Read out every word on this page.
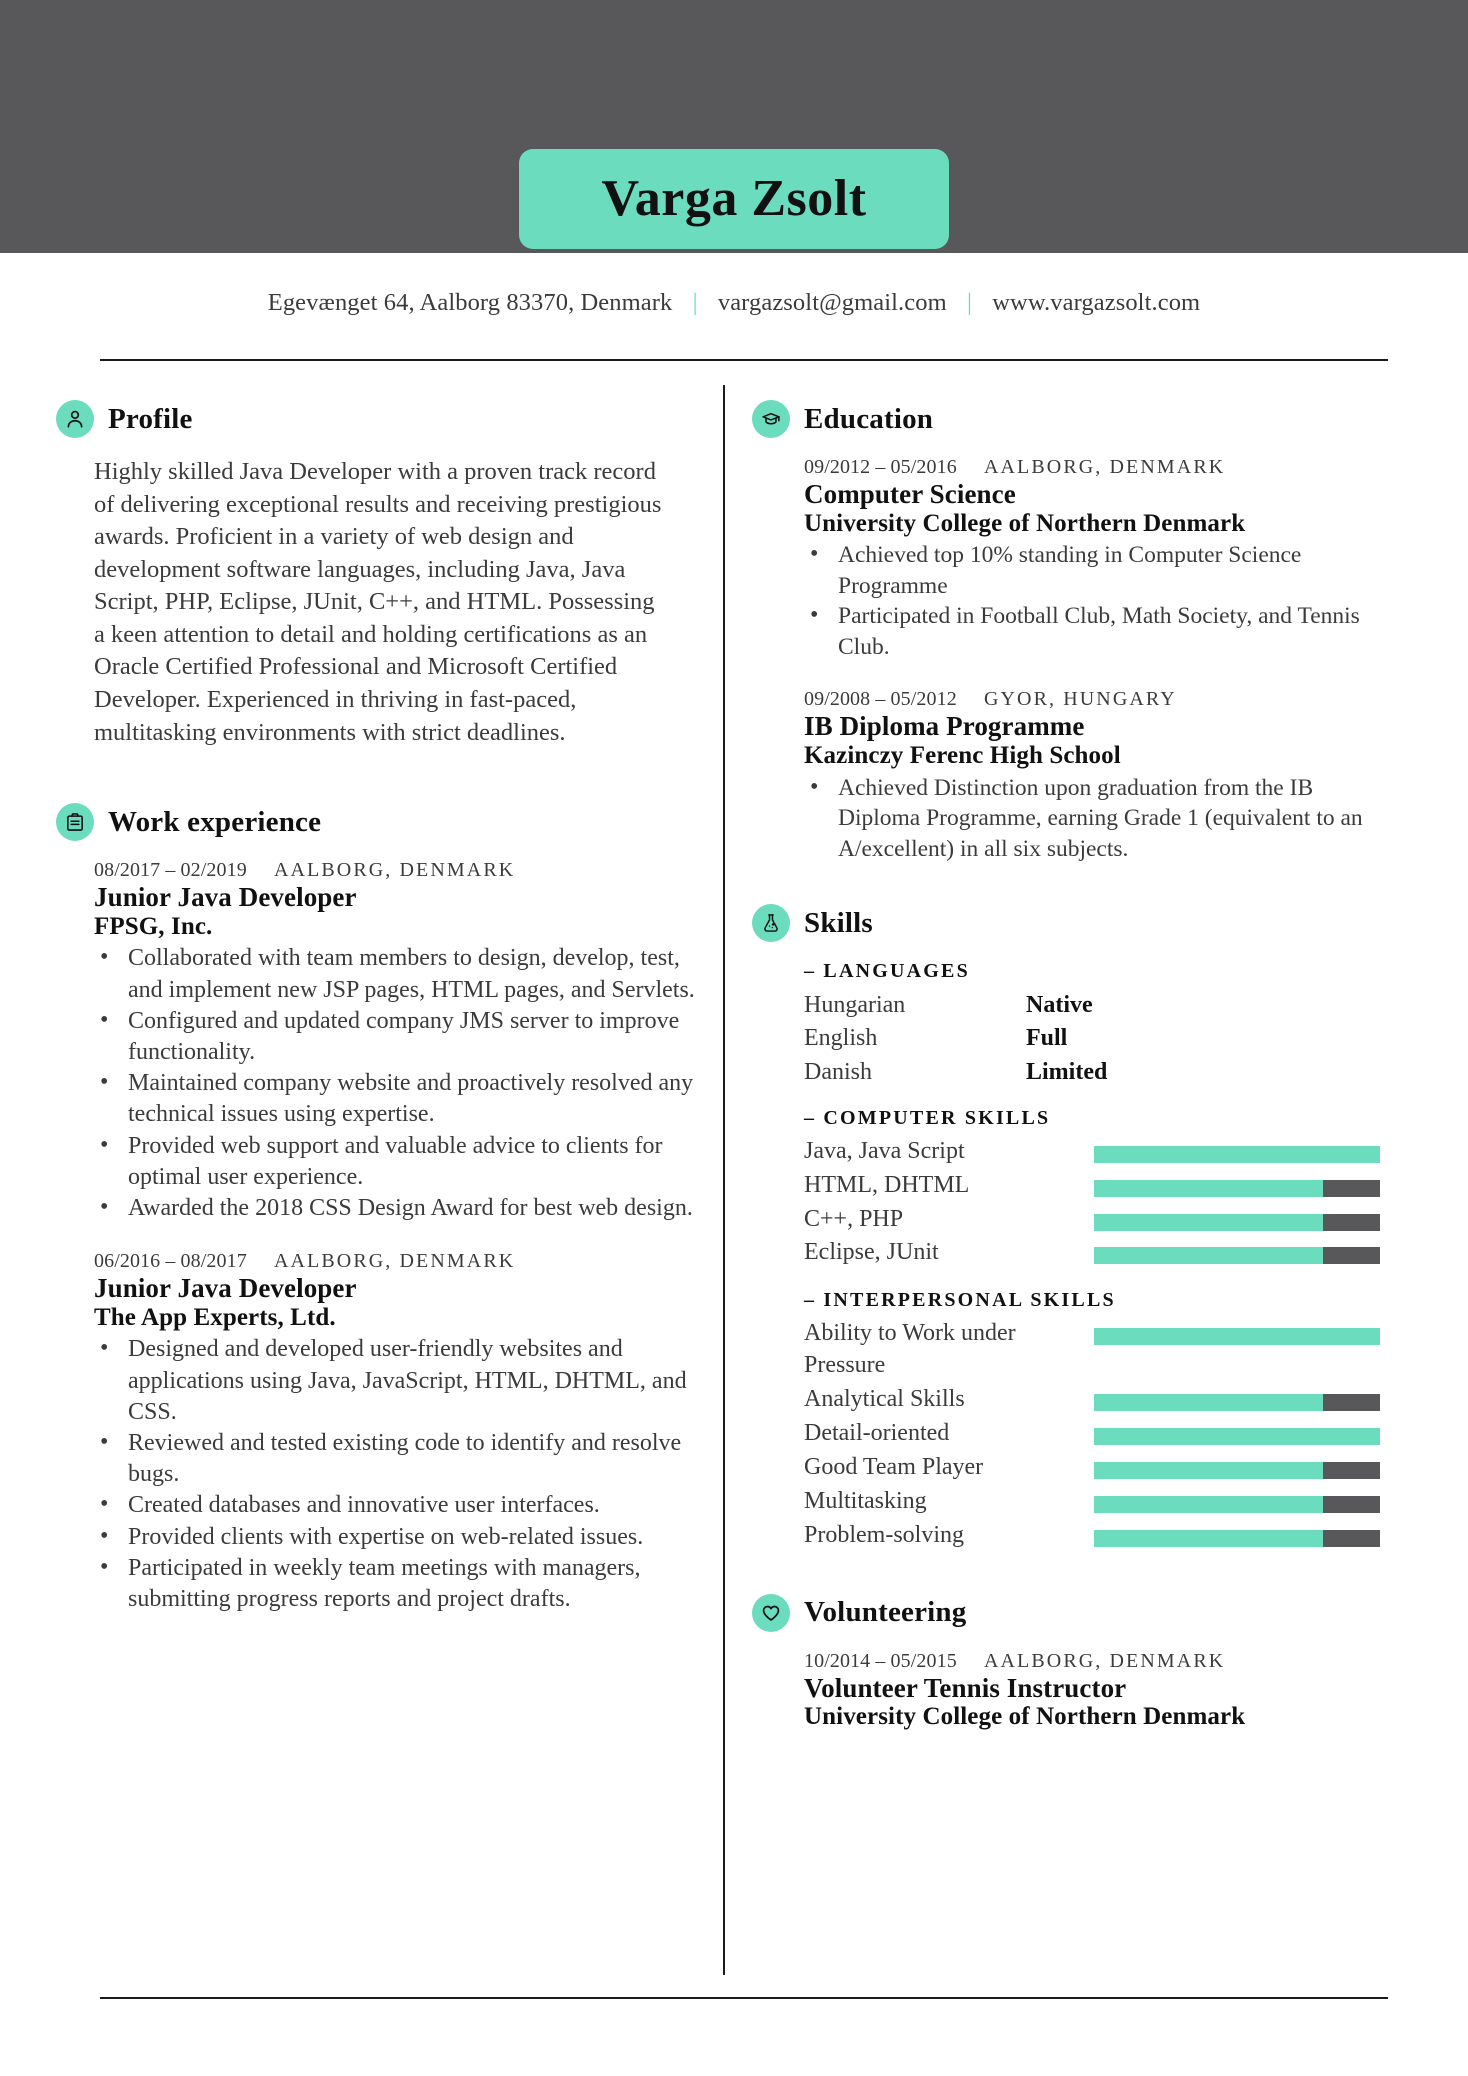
Varga Zsolt
Egevænget 64, Aalborg 83370, Denmark | vargazsolt@gmail.com | www.vargazsolt.com
Profile
Highly skilled Java Developer with a proven track record of delivering exceptional results and receiving prestigious awards. Proficient in a variety of web design and development software languages, including Java, Java Script, PHP, Eclipse, JUnit, C++, and HTML. Possessing a keen attention to detail and holding certifications as an Oracle Certified Professional and Microsoft Certified Developer. Experienced in thriving in fast-paced, multitasking environments with strict deadlines.
Work experience
08/2017 – 02/2019 AALBORG, DENMARK
Junior Java Developer
FPSG, Inc.
• Collaborated with team members to design, develop, test, and implement new JSP pages, HTML pages, and Servlets.
• Configured and updated company JMS server to improve functionality.
• Maintained company website and proactively resolved any technical issues using expertise.
• Provided web support and valuable advice to clients for optimal user experience.
• Awarded the 2018 CSS Design Award for best web design.
06/2016 – 08/2017 AALBORG, DENMARK
Junior Java Developer
The App Experts, Ltd.
• Designed and developed user-friendly websites and applications using Java, JavaScript, HTML, DHTML, and CSS.
• Reviewed and tested existing code to identify and resolve bugs.
• Created databases and innovative user interfaces.
• Provided clients with expertise on web-related issues.
• Participated in weekly team meetings with managers, submitting progress reports and project drafts.
Education
09/2012 – 05/2016 AALBORG, DENMARK
Computer Science
University College of Northern Denmark
• Achieved top 10% standing in Computer Science Programme
• Participated in Football Club, Math Society, and Tennis Club.
09/2008 – 05/2012 GYOR, HUNGARY
IB Diploma Programme
Kazinczy Ferenc High School
• Achieved Distinction upon graduation from the IB Diploma Programme, earning Grade 1 (equivalent to an A/excellent) in all six subjects.
Skills
– LANGUAGES
Hungarian	Native
English	Full
Danish	Limited
– COMPUTER SKILLS
Java, Java Script
HTML, DHTML
C++, PHP
Eclipse, JUnit
– INTERPERSONAL SKILLS
Ability to Work under Pressure
Analytical Skills
Detail-oriented
Good Team Player
Multitasking
Problem-solving
Volunteering
10/2014 – 05/2015 AALBORG, DENMARK
Volunteer Tennis Instructor
University College of Northern Denmark
